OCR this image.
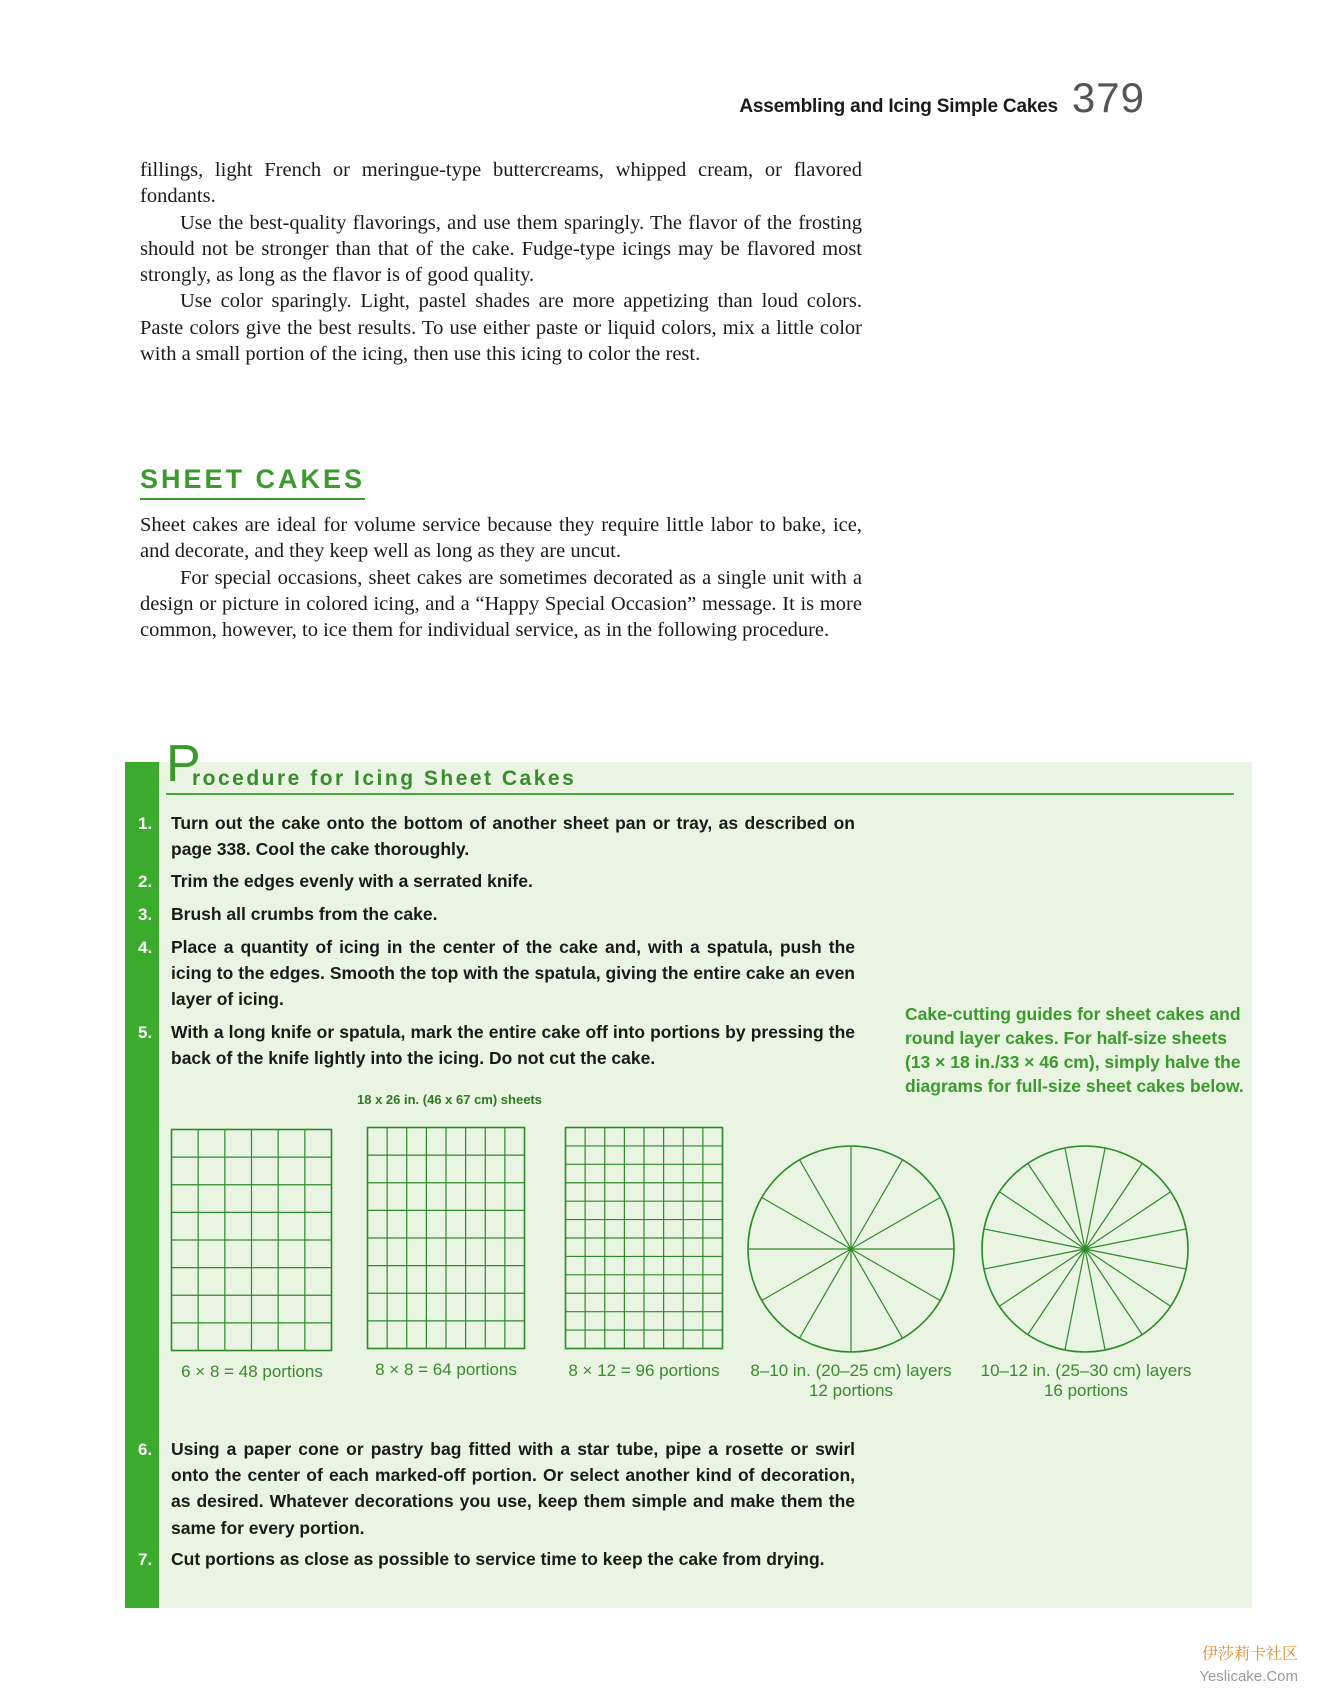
Assembling and Icing Simple Cakes 379

fillings, light French or meringue-type buttercreams, whipped cream, or flavored fondants.

Use the best-quality flavorings, and use them sparingly. The flavor of the frosting should not be stronger than that of the cake. Fudge-type icings may be flavored most strongly, as long as the flavor is of good quality.

Use color sparingly. Light, pastel shades are more appetizing than loud colors. Paste colors give the best results. To use either paste or liquid colors, mix a little color with a small portion of the icing, then use this icing to color the rest.

SHEET CAKES

Sheet cakes are ideal for volume service because they require little labor to bake, ice, and decorate, and they keep well as long as they are uncut.

For special occasions, sheet cakes are sometimes decorated as a single unit with a design or picture in colored icing, and a “Happy Special Occasion” message. It is more common, however, to ice them for individual service, as in the following procedure.

P
rocedure for Icing Sheet Cakes
1. Turn out the cake onto the bottom of another sheet pan or tray, as described on page 338. Cool the cake thoroughly.
2. Trim the edges evenly with a serrated knife.
3. Brush all crumbs from the cake.
4. Place a quantity of icing in the center of the cake and, with a spatula, push the icing to the edges. Smooth the top with the spatula, giving the entire cake an even layer of icing.
5. With a long knife or spatula, mark the entire cake off into portions by pressing the back of the knife lightly into the icing. Do not cut the cake.
Cake-cutting guides for sheet cakes and round layer cakes. For half-size sheets (13 × 18 in./33 × 46 cm), simply halve the diagrams for full-size sheet cakes below.
18 x 26 in. (46 x 67 cm) sheets
6 × 8 = 48 portions	8 × 8 = 64 portions	8 × 12 = 96 portions	8–10 in. (20–25 cm) layers
12 portions
10–12 in. (25–30 cm) layers
16 portions
6. Using a paper cone or pastry bag fitted with a star tube, pipe a rosette or swirl onto the center of each marked-off portion. Or select another kind of decoration, as desired. Whatever decorations you use, keep them simple and make them the same for every portion.
7. Cut portions as close as possible to service time to keep the cake from drying.
伊莎莉卡社区
Yeslicake.Com
